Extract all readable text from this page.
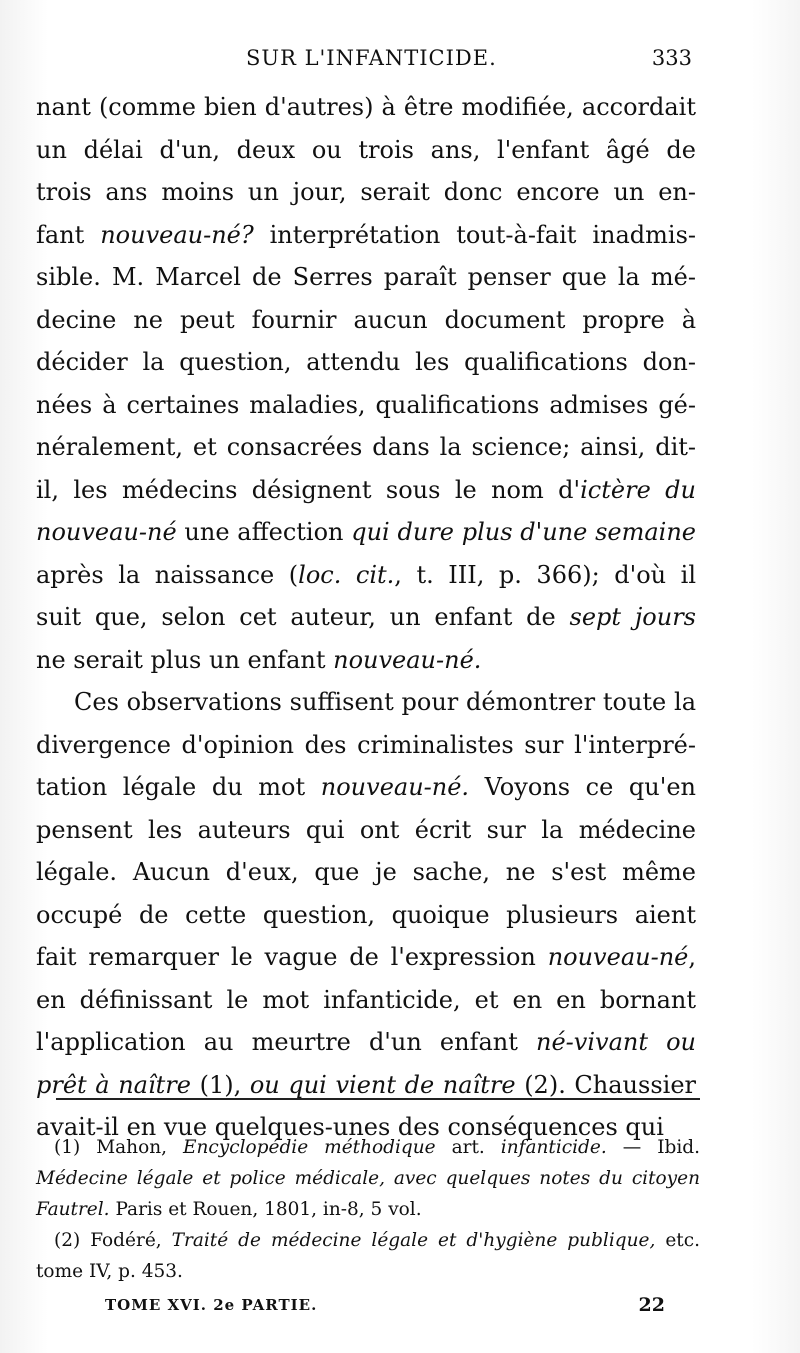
SUR L'INFANTICIDE.	333
nant (comme bien d'autres) à être modifiée, accordait
un délai d'un, deux ou trois ans, l'enfant âgé de
trois ans moins un jour, serait donc encore un en-
fant nouveau-né? interprétation tout-à-fait inadmis-
sible. M. Marcel de Serres paraît penser que la mé-
decine ne peut fournir aucun document propre à
décider la question, attendu les qualifications don-
nées à certaines maladies, qualifications admises gé-
néralement, et consacrées dans la science; ainsi, dit-
il, les médecins désignent sous le nom d'ictère du
nouveau-né une affection qui dure plus d'une semaine
après la naissance (loc. cit., t. III, p. 366); d'où il
suit que, selon cet auteur, un enfant de sept jours
ne serait plus un enfant nouveau-né.
Ces observations suffisent pour démontrer toute la
divergence d'opinion des criminalistes sur l'interpré-
tation légale du mot nouveau-né. Voyons ce qu'en
pensent les auteurs qui ont écrit sur la médecine
légale. Aucun d'eux, que je sache, ne s'est même
occupé de cette question, quoique plusieurs aient
fait remarquer le vague de l'expression nouveau-né,
en définissant le mot infanticide, et en en bornant
l'application au meurtre d'un enfant né-vivant ou
prêt à naître (1), ou qui vient de naître (2). Chaussier
avait-il en vue quelques-unes des conséquences qui
(1) Mahon, Encyclopédie méthodique art. infanticide. — Ibid.
Médecine légale et police médicale, avec quelques notes du citoyen
Fautrel. Paris et Rouen, 1801, in-8, 5 vol.
(2) Fodéré, Traité de médecine légale et d'hygiène publique, etc.
tome IV, p. 453.
TOME XVI. 2e PARTIE.	22
